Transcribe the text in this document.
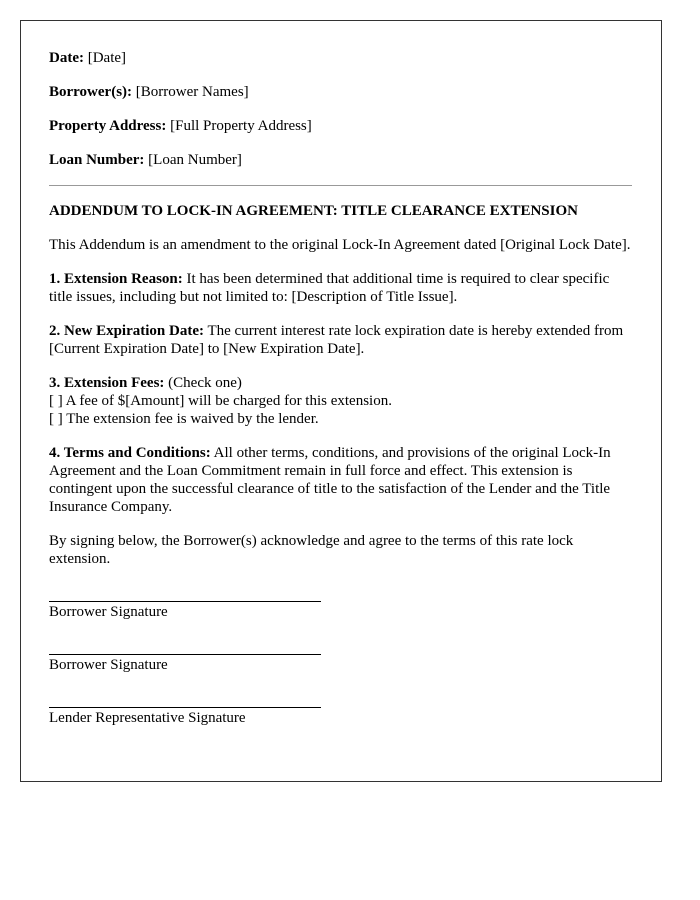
Date: [Date]

Borrower(s): [Borrower Names]

Property Address: [Full Property Address]

Loan Number: [Loan Number]

ADDENDUM TO LOCK-IN AGREEMENT: TITLE CLEARANCE EXTENSION

This Addendum is an amendment to the original Lock-In Agreement dated [Original Lock Date].

1. Extension Reason: It has been determined that additional time is required to clear specific title issues, including but not limited to: [Description of Title Issue].

2. New Expiration Date: The current interest rate lock expiration date is hereby extended from [Current Expiration Date] to [New Expiration Date].

3. Extension Fees: (Check one)
[ ] A fee of $[Amount] will be charged for this extension.
[ ] The extension fee is waived by the lender.

4. Terms and Conditions: All other terms, conditions, and provisions of the original Lock-In Agreement and the Loan Commitment remain in full force and effect. This extension is contingent upon the successful clearance of title to the satisfaction of the Lender and the Title Insurance Company.

By signing below, the Borrower(s) acknowledge and agree to the terms of this rate lock extension.

Borrower Signature
Borrower Signature
Lender Representative Signature
